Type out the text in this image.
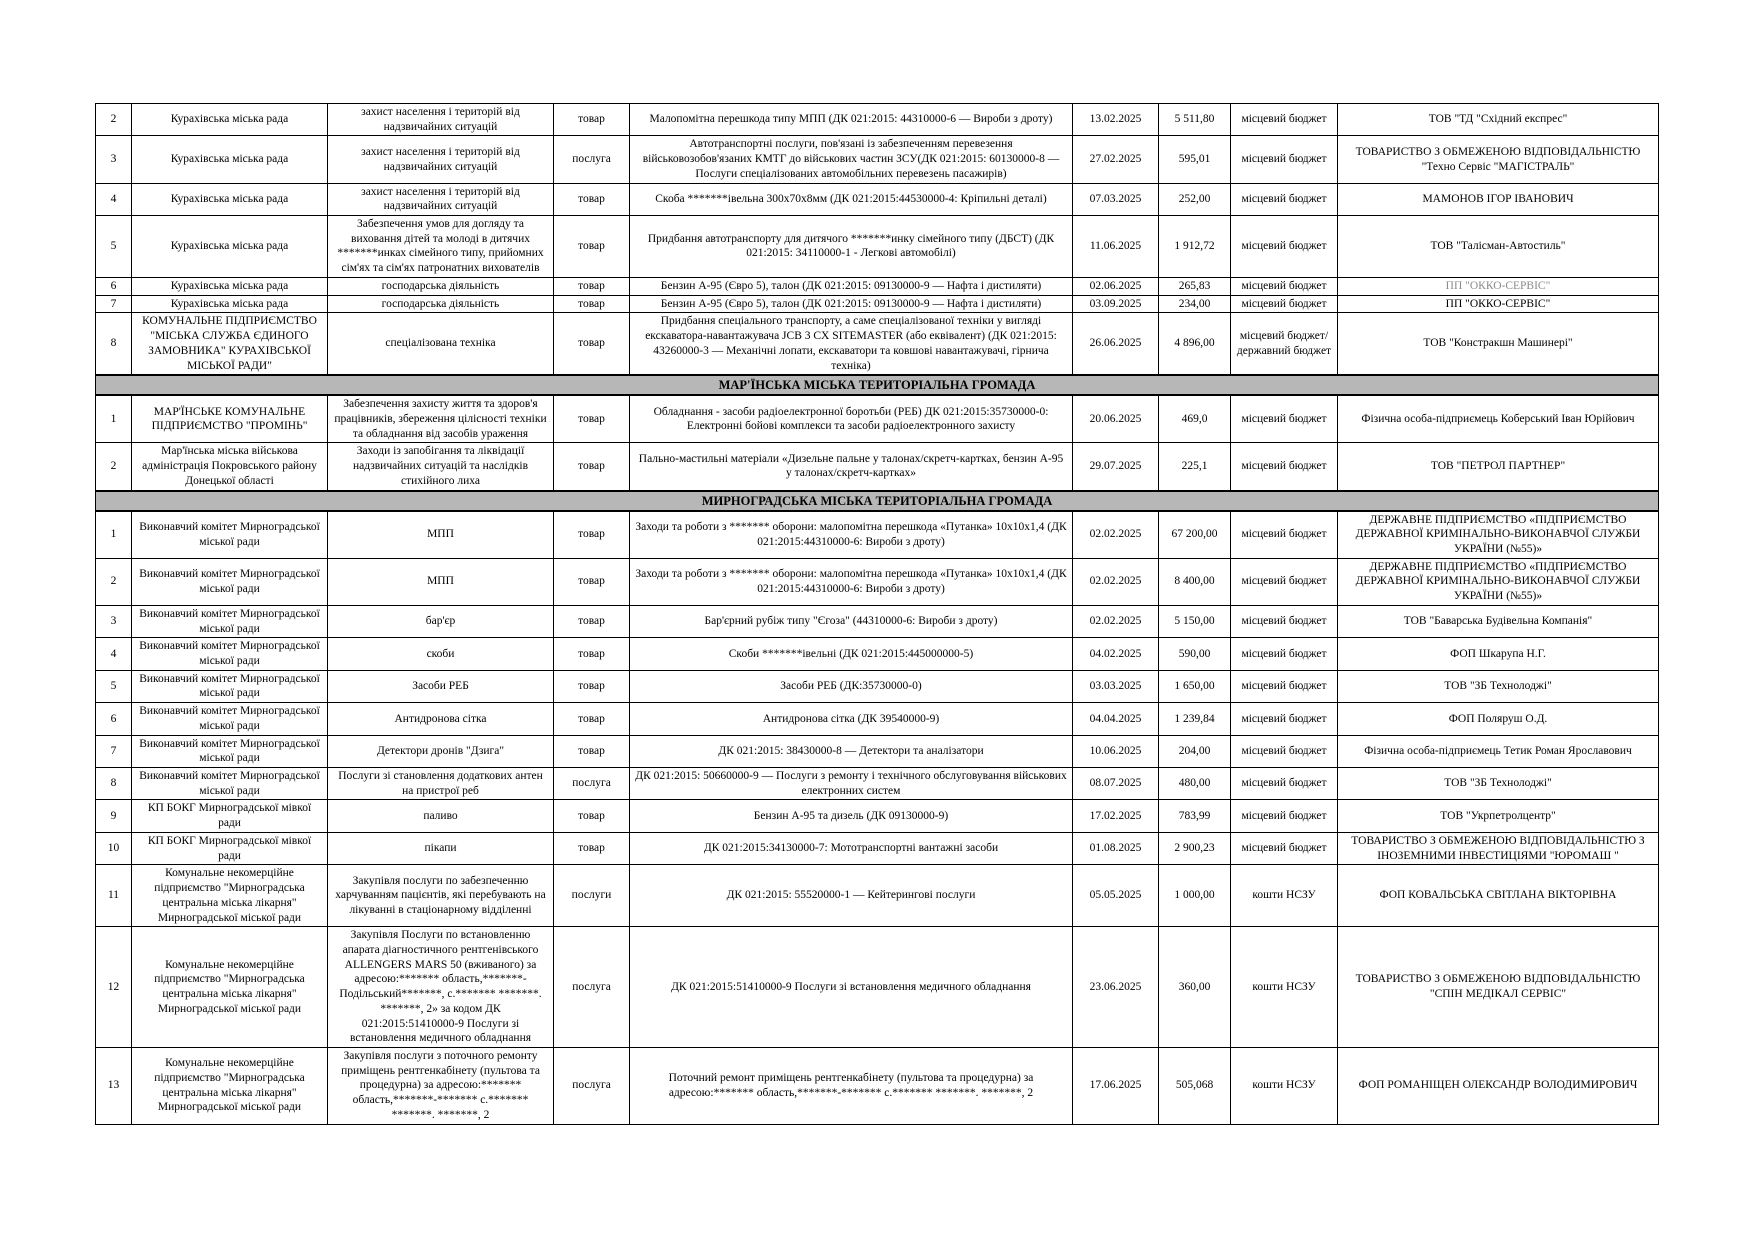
2	Курахівська міська рада	захист населення і територій від надзвичайних ситуацій	товар	Малопомітна перешкода типу МПП (ДК 021:2015: 44310000-6 — Вироби з дроту)	13.02.2025	5 511,80	місцевий бюджет	ТОВ "ТД "Східний експрес"
3	Курахівська міська рада	захист населення і територій від надзвичайних ситуацій	послуга	Автотранспортні послуги, пов'язані із забезпеченням перевезення військовозобов'язаних КМТГ до військових частин ЗСУ(ДК 021:2015: 60130000-8 — Послуги спеціалізованих автомобільних перевезень пасажирів)	27.02.2025	595,01	місцевий бюджет	ТОВАРИСТВО З ОБМЕЖЕНОЮ ВІДПОВІДАЛЬНІСТЮ "Техно Сервіс "МАГІСТРАЛЬ"
4	Курахівська міська рада	захист населення і територій від надзвичайних ситуацій	товар	Скоба *******івельна 300х70х8мм (ДК 021:2015:44530000-4: Кріпильні деталі)	07.03.2025	252,00	місцевий бюджет	МАМОНОВ ІГОР ІВАНОВИЧ
5	Курахівська міська рада	Забезпечення умов для догляду та виховання дітей та молоді в дитячих *******инках сімейного типу, прийомних сім'ях та сім'ях патронатних вихователів	товар	Придбання автотранспорту для дитячого *******инку сімейного типу (ДБСТ) (ДК 021:2015: 34110000-1 - Легкові автомобілі)	11.06.2025	1 912,72	місцевий бюджет	ТОВ "Талісман-Автостиль"
6	Курахівська міська рада	господарська діяльність	товар	Бензин А-95 (Євро 5), талон (ДК 021:2015: 09130000-9 — Нафта і дистиляти)	02.06.2025	265,83	місцевий бюджет	ПП "ОККО-СЕРВІС"
7	Курахівська міська рада	господарська діяльність	товар	Бензин А-95 (Євро 5), талон (ДК 021:2015: 09130000-9 — Нафта і дистиляти)	03.09.2025	234,00	місцевий бюджет	ПП "ОККО-СЕРВІС"
8	КОМУНАЛЬНЕ ПІДПРИЄМСТВО "МІСЬКА СЛУЖБА ЄДИНОГО ЗАМОВНИКА" КУРАХІВСЬКОЇ МІСЬКОЇ РАДИ"	спеціалізована техніка	товар	Придбання спеціального транспорту, а саме спеціалізованої техніки у вигляді екскаватора-навантажувача JCB 3 CX SITEMASTER (або еквівалент) (ДК 021:2015: 43260000-3 — Механічні лопати, екскаватори та ковшові навантажувачі, гірнича техніка)	26.06.2025	4 896,00	місцевий бюджет/державний бюджет	ТОВ "Констракшн Машинері"
МАР'ЇНСЬКА МІСЬКА ТЕРИТОРІАЛЬНА ГРОМАДА								
1	МАР'ЇНСЬКЕ КОМУНАЛЬНЕ ПІДПРИЄМСТВО "ПРОМІНЬ"	Забезпечення захисту життя та здоров'я працівників, збереження цілісності техніки та обладнання від засобів ураження	товар	Обладнання - засоби радіоелектронної боротьби (РЕБ) ДК 021:2015:35730000-0: Електронні бойові комплекси та засоби радіоелектронного захисту	20.06.2025	469,0	місцевий бюджет	Фізична особа-підприємець Коберський Іван Юрійович
2	Мар'їнська міська військова адміністрація Покровського району Донецької області	Заходи із запобігання та ліквідації надзвичайних ситуацій та наслідків стихійного лиха	товар	Пально-мастильні матеріали «Дизельне пальне у талонах/скретч-картках, бензин А-95 у талонах/скретч-картках»	29.07.2025	225,1	місцевий бюджет	ТОВ "ПЕТРОЛ ПАРТНЕР"
МИРНОГРАДСЬКА МІСЬКА ТЕРИТОРІАЛЬНА ГРОМАДА								
1	Виконавчий комітет Мирноградської міської ради	МПП	товар	Заходи та роботи з ******* оборони: малопомітна перешкода «Путанка» 10х10х1,4 (ДК 021:2015:44310000-6: Вироби з дроту)	02.02.2025	67 200,00	місцевий бюджет	ДЕРЖАВНЕ ПІДПРИЄМСТВО «ПІДПРИЄМСТВО ДЕРЖАВНОЇ КРИМІНАЛЬНО-ВИКОНАВЧОЇ СЛУЖБИ УКРАЇНИ (№55)»
2	Виконавчий комітет Мирноградської міської ради	МПП	товар	Заходи та роботи з ******* оборони: малопомітна перешкода «Путанка» 10х10х1,4 (ДК 021:2015:44310000-6: Вироби з дроту)	02.02.2025	8 400,00	місцевий бюджет	ДЕРЖАВНЕ ПІДПРИЄМСТВО «ПІДПРИЄМСТВО ДЕРЖАВНОЇ КРИМІНАЛЬНО-ВИКОНАВЧОЇ СЛУЖБИ УКРАЇНИ (№55)»
3	Виконавчий комітет Мирноградської міської ради	бар'єр	товар	Бар'єрний рубіж типу "Єгоза" (44310000-6: Вироби з дроту)	02.02.2025	5 150,00	місцевий бюджет	ТОВ "Баварська Будівельна Компанія"
4	Виконавчий комітет Мирноградської міської ради	скоби	товар	Скоби *******івельні (ДК 021:2015:445000000-5)	04.02.2025	590,00	місцевий бюджет	ФОП Шкарупа Н.Г.
5	Виконавчий комітет Мирноградської міської ради	Засоби РЕБ	товар	Засоби РЕБ (ДК:35730000-0)	03.03.2025	1 650,00	місцевий бюджет	ТОВ "ЗБ Технолоджі"
6	Виконавчий комітет Мирноградської міської ради	Антидронова сітка	товар	Антидронова сітка (ДК 39540000-9)	04.04.2025	1 239,84	місцевий бюджет	ФОП Поляруш О.Д.
7	Виконавчий комітет Мирноградської міської ради	Детектори дронів "Дзига"	товар	ДК 021:2015: 38430000-8 — Детектори та аналізатори	10.06.2025	204,00	місцевий бюджет	Фізична особа-підприємець Тетик Роман Ярославович
8	Виконавчий комітет Мирноградської міської ради	Послуги зі становлення додаткових антен на пристрої реб	послуга	ДК 021:2015: 50660000-9 — Послуги з ремонту і технічного обслуговування військових електронних систем	08.07.2025	480,00	місцевий бюджет	ТОВ "ЗБ Технолоджі"
9	КП БОКГ Мирноградської мівкої ради	паливо	товар	Бензин А-95 та дизель (ДК 09130000-9)	17.02.2025	783,99	місцевий бюджет	ТОВ "Укрпетролцентр"
10	КП БОКГ Мирноградської мівкої ради	пікапи	товар	ДК 021:2015:34130000-7: Мототранспортні вантажні засоби	01.08.2025	2 900,23	місцевий бюджет	ТОВАРИСТВО З ОБМЕЖЕНОЮ ВІДПОВІДАЛЬНІСТЮ З ІНОЗЕМНИМИ ІНВЕСТИЦІЯМИ "ЮРОМАШ "
11	Комунальне некомерційне підприємство "Мирноградська центральна міська лікарня" Мирноградської міської ради	Закупівля послуги по забезпеченню харчуванням пацієнтів, які перебувають на лікуванні в стаціонарному відділенні	послуги	ДК 021:2015: 55520000-1 — Кейтерингові послуги	05.05.2025	1 000,00	кошти НСЗУ	ФОП КОВАЛЬСЬКА СВІТЛАНА ВІКТОРІВНА
12	Комунальне некомерційне підприємство "Мирноградська центральна міська лікарня" Мирноградської міської ради	Закупівля Послуги по встановленню апарата діагностичного рентгенівського ALLENGERS MARS 50 (вживаного) за адресою:******* область,*******-Подільський*******, с.******* *******. *******, 2» за кодом ДК 021:2015:51410000-9 Послуги зі встановлення медичного обладнання	послуга	ДК 021:2015:51410000-9 Послуги зі встановлення медичного обладнання	23.06.2025	360,00	кошти НСЗУ	ТОВАРИСТВО З ОБМЕЖЕНОЮ ВІДПОВІДАЛЬНІСТЮ "СПІН МЕДІКАЛ СЕРВІС"
13	Комунальне некомерційне підприємство "Мирноградська центральна міська лікарня" Мирноградської міської ради	Закупівля послуги з поточного ремонту приміщень рентгенкабінету (пультова та процедурна) за адресою:******* область,*******-******* с.******* *******. *******, 2	послуга	Поточний ремонт приміщень рентгенкабінету (пультова та процедурна) за адресою:******* область,*******-******* с.******* *******. *******, 2	17.06.2025	505,068	кошти НСЗУ	ФОП РОМАНІЩЕН ОЛЕКСАНДР ВОЛОДИМИРОВИЧ
